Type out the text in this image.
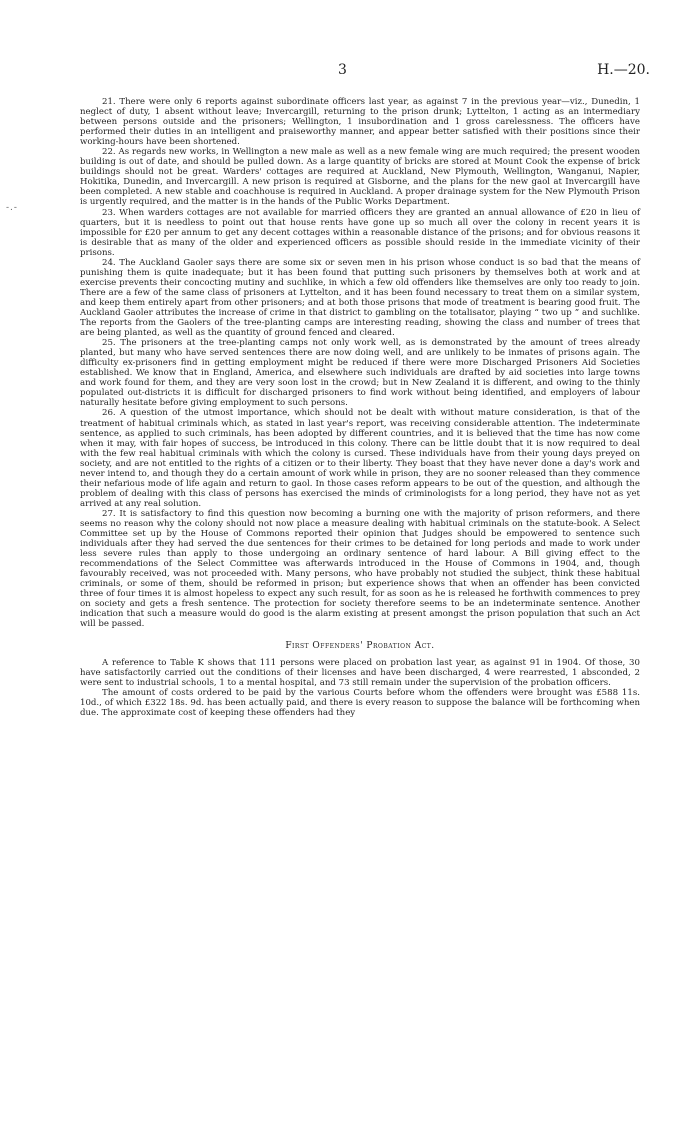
3	H.—20.
-.-

21. There were only 6 reports against subordinate officers last year, as against 7 in the previous year—viz., Dunedin, 1 neglect of duty, 1 absent without leave; Invercargill, returning to the prison drunk; Lyttelton, 1 acting as an intermediary between persons outside and the prisoners; Wellington, 1 insubordination and 1 gross carelessness. The officers have performed their duties in an intelligent and praiseworthy manner, and appear better satisfied with their positions since their working-hours have been shortened.

22. As regards new works, in Wellington a new male as well as a new female wing are much required; the present wooden building is out of date, and should be pulled down. As a large quantity of bricks are stored at Mount Cook the expense of brick buildings should not be great. Warders' cottages are required at Auckland, New Plymouth, Wellington, Wanganui, Napier, Hokitika, Dunedin, and Invercargill. A new prison is required at Gisborne, and the plans for the new gaol at Invercargill have been completed. A new stable and coachhouse is required in Auckland. A proper drainage system for the New Plymouth Prison is urgently required, and the matter is in the hands of the Public Works Department.

23. When warders cottages are not available for married officers they are granted an annual allowance of £20 in lieu of quarters, but it is needless to point out that house rents have gone up so much all over the colony in recent years it is impossible for £20 per annum to get any decent cottages within a reasonable distance of the prisons; and for obvious reasons it is desirable that as many of the older and experienced officers as possible should reside in the immediate vicinity of their prisons.

24. The Auckland Gaoler says there are some six or seven men in his prison whose conduct is so bad that the means of punishing them is quite inadequate; but it has been found that putting such prisoners by themselves both at work and at exercise prevents their concocting mutiny and suchlike, in which a few old offenders like themselves are only too ready to join. There are a few of the same class of prisoners at Lyttelton, and it has been found necessary to treat them on a similar system, and keep them entirely apart from other prisoners; and at both those prisons that mode of treatment is bearing good fruit. The Auckland Gaoler attributes the increase of crime in that district to gambling on the totalisator, playing “ two up ” and suchlike. The reports from the Gaolers of the tree-planting camps are interesting reading, showing the class and number of trees that are being planted, as well as the quantity of ground fenced and cleared.

25. The prisoners at the tree-planting camps not only work well, as is demonstrated by the amount of trees already planted, but many who have served sentences there are now doing well, and are unlikely to be inmates of prisons again. The difficulty ex-prisoners find in getting employment might be reduced if there were more Discharged Prisoners Aid Societies established. We know that in England, America, and elsewhere such individuals are drafted by aid societies into large towns and work found for them, and they are very soon lost in the crowd; but in New Zealand it is different, and owing to the thinly populated out-districts it is difficult for discharged prisoners to find work without being identified, and employers of labour naturally hesitate before giving employment to such persons.

26. A question of the utmost importance, which should not be dealt with without mature consideration, is that of the treatment of habitual criminals which, as stated in last year's report, was receiving considerable attention. The indeterminate sentence, as applied to such criminals, has been adopted by different countries, and it is believed that the time has now come when it may, with fair hopes of success, be introduced in this colony. There can be little doubt that it is now required to deal with the few real habitual criminals with which the colony is cursed. These individuals have from their young days preyed on society, and are not entitled to the rights of a citizen or to their liberty. They boast that they have never done a day's work and never intend to, and though they do a certain amount of work while in prison, they are no sooner released than they commence their nefarious mode of life again and return to gaol. In those cases reform appears to be out of the question, and although the problem of dealing with this class of persons has exercised the minds of criminologists for a long period, they have not as yet arrived at any real solution.

27. It is satisfactory to find this question now becoming a burning one with the majority of prison reformers, and there seems no reason why the colony should not now place a measure dealing with habitual criminals on the statute-book. A Select Committee set up by the House of Commons reported their opinion that Judges should be empowered to sentence such individuals after they had served the due sentences for their crimes to be detained for long periods and made to work under less severe rules than apply to those undergoing an ordinary sentence of hard labour. A Bill giving effect to the recommendations of the Select Committee was afterwards introduced in the House of Commons in 1904, and, though favourably received, was not proceeded with. Many persons, who have probably not studied the subject, think these habitual criminals, or some of them, should be reformed in prison; but experience shows that when an offender has been convicted three of four times it is almost hopeless to expect any such result, for as soon as he is released he forthwith commences to prey on society and gets a fresh sentence. The protection for society therefore seems to be an indeterminate sentence. Another indication that such a measure would do good is the alarm existing at present amongst the prison population that such an Act will be passed.

First Offenders' Probation Act.

A reference to Table K shows that 111 persons were placed on probation last year, as against 91 in 1904. Of those, 30 have satisfactorily carried out the conditions of their licenses and have been discharged, 4 were rearrested, 1 absconded, 2 were sent to industrial schools, 1 to a mental hospital, and 73 still remain under the supervision of the probation officers.

The amount of costs ordered to be paid by the various Courts before whom the offenders were brought was £588 11s. 10d., of which £322 18s. 9d. has been actually paid, and there is every reason to suppose the balance will be forthcoming when due. The approximate cost of keeping these offenders had they
